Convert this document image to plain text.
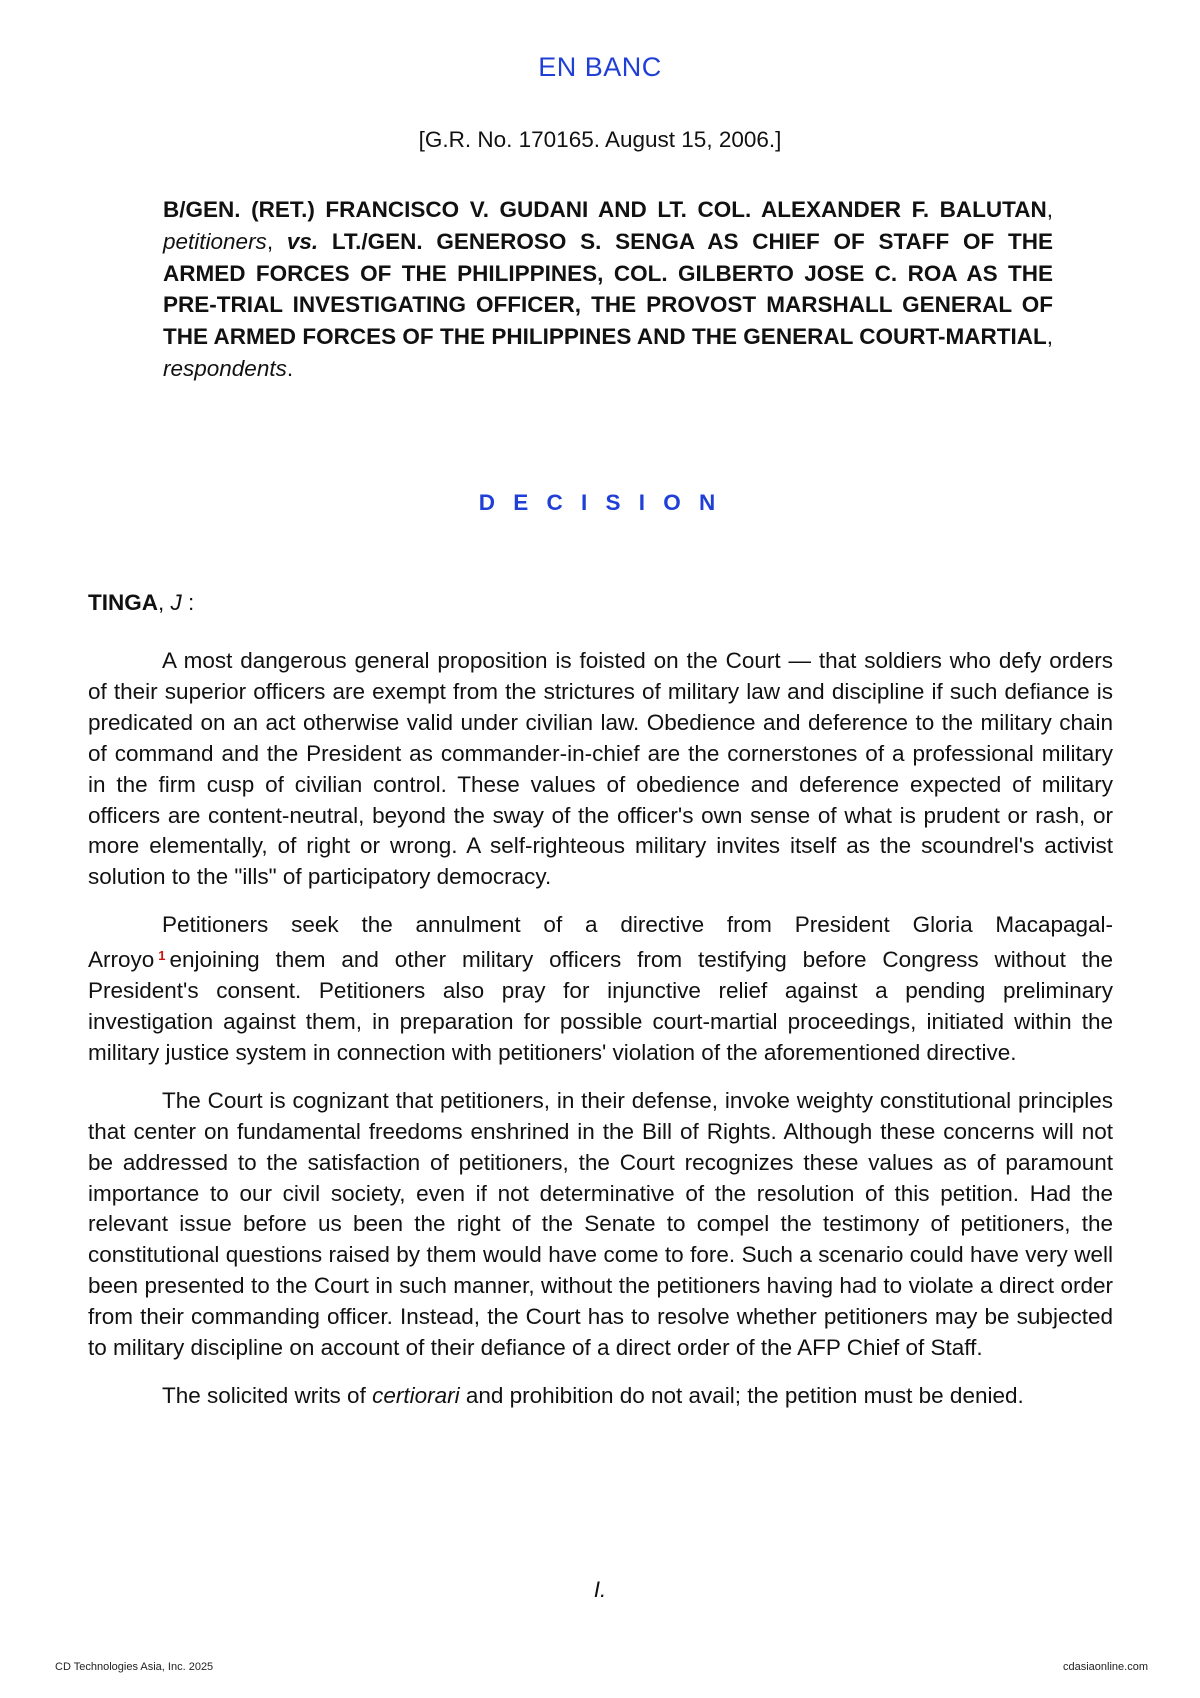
EN BANC
[G.R. No. 170165. August 15, 2006.]
B/GEN. (RET.) FRANCISCO V. GUDANI AND LT. COL. ALEXANDER F. BALUTAN, petitioners, vs. LT./GEN. GENEROSO S. SENGA AS CHIEF OF STAFF OF THE ARMED FORCES OF THE PHILIPPINES, COL. GILBERTO JOSE C. ROA AS THE PRE-TRIAL INVESTIGATING OFFICER, THE PROVOST MARSHALL GENERAL OF THE ARMED FORCES OF THE PHILIPPINES AND THE GENERAL COURT-MARTIAL, respondents.
D E C I S I O N
TINGA, J :

A most dangerous general proposition is foisted on the Court — that soldiers who defy orders of their superior officers are exempt from the strictures of military law and discipline if such defiance is predicated on an act otherwise valid under civilian law. Obedience and deference to the military chain of command and the President as commander-in-chief are the cornerstones of a professional military in the firm cusp of civilian control. These values of obedience and deference expected of military officers are content-neutral, beyond the sway of the officer's own sense of what is prudent or rash, or more elementally, of right or wrong. A self-righteous military invites itself as the scoundrel's activist solution to the "ills" of participatory democracy.

Petitioners seek the annulment of a directive from President Gloria Macapagal-Arroyo $^1$ enjoining them and other military officers from testifying before Congress without the President's consent. Petitioners also pray for injunctive relief against a pending preliminary investigation against them, in preparation for possible court-martial proceedings, initiated within the military justice system in connection with petitioners' violation of the aforementioned directive.

The Court is cognizant that petitioners, in their defense, invoke weighty constitutional principles that center on fundamental freedoms enshrined in the Bill of Rights. Although these concerns will not be addressed to the satisfaction of petitioners, the Court recognizes these values as of paramount importance to our civil society, even if not determinative of the resolution of this petition. Had the relevant issue before us been the right of the Senate to compel the testimony of petitioners, the constitutional questions raised by them would have come to fore. Such a scenario could have very well been presented to the Court in such manner, without the petitioners having had to violate a direct order from their commanding officer. Instead, the Court has to resolve whether petitioners may be subjected to military discipline on account of their defiance of a direct order of the AFP Chief of Staff.

The solicited writs of certiorari and prohibition do not avail; the petition must be denied.

I.
CD Technologies Asia, Inc. 2025	cdasiaonline.com
